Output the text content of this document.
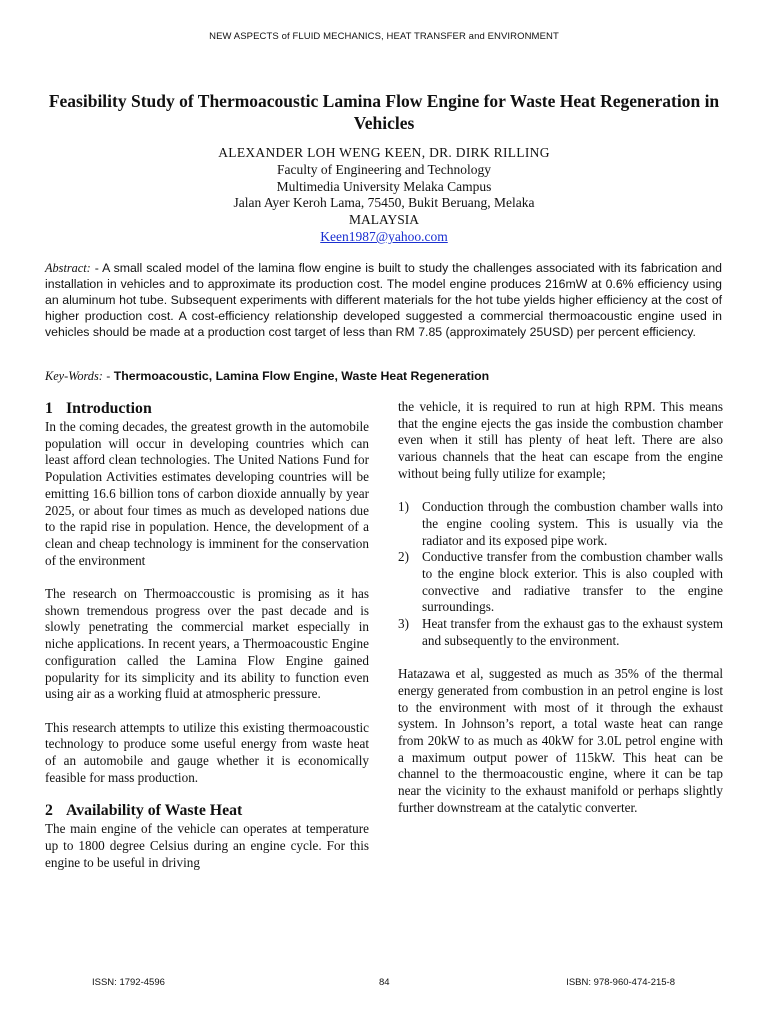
NEW ASPECTS of FLUID MECHANICS, HEAT TRANSFER and ENVIRONMENT
Feasibility Study of Thermoacoustic Lamina Flow Engine for Waste Heat Regeneration in Vehicles
ALEXANDER LOH WENG KEEN, DR. DIRK RILLING
Faculty of Engineering and Technology
Multimedia University Melaka Campus
Jalan Ayer Keroh Lama, 75450, Bukit Beruang, Melaka
MALAYSIA
Keen1987@yahoo.com

Abstract: - A small scaled model of the lamina flow engine is built to study the challenges associated with its fabrication and installation in vehicles and to approximate its production cost. The model engine produces 216mW at 0.6% efficiency using an aluminum hot tube. Subsequent experiments with different materials for the hot tube yields higher efficiency at the cost of higher production cost. A cost-efficiency relationship developed suggested a commercial thermoacoustic engine used in vehicles should be made at a production cost target of less than RM 7.85 (approximately 25USD) per percent efficiency.

Key-Words: - Thermoacoustic, Lamina Flow Engine, Waste Heat Regeneration
1 Introduction

In the coming decades, the greatest growth in the automobile population will occur in developing countries which can least afford clean technologies. The United Nations Fund for Population Activities estimates developing countries will be emitting 16.6 billion tons of carbon dioxide annually by year 2025, or about four times as much as developed nations due to the rapid rise in population. Hence, the development of a clean and cheap technology is imminent for the conservation of the environment

The research on Thermoaccoustic is promising as it has shown tremendous progress over the past decade and is slowly penetrating the commercial market especially in niche applications. In recent years, a Thermoacoustic Engine configuration called the Lamina Flow Engine gained popularity for its simplicity and its ability to function even using air as a working fluid at atmospheric pressure.

This research attempts to utilize this existing thermoacoustic technology to produce some useful energy from waste heat of an automobile and gauge whether it is economically feasible for mass production.

2 Availability of Waste Heat

The main engine of the vehicle can operates at temperature up to 1800 degree Celsius during an engine cycle. For this engine to be useful in driving

the vehicle, it is required to run at high RPM. This means that the engine ejects the gas inside the combustion chamber even when it still has plenty of heat left. There are also various channels that the heat can escape from the engine without being fully utilize for example;

1) Conduction through the combustion chamber walls into the engine cooling system. This is usually via the radiator and its exposed pipe work.
2) Conductive transfer from the combustion chamber walls to the engine block exterior. This is also coupled with convective and radiative transfer to the engine surroundings.
3) Heat transfer from the exhaust gas to the exhaust system and subsequently to the environment.

Hatazawa et al, suggested as much as 35% of the thermal energy generated from combustion in an petrol engine is lost to the environment with most of it through the exhaust system. In Johnson’s report, a total waste heat can range from 20kW to as much as 40kW for 3.0L petrol engine with a maximum output power of 115kW. This heat can be channel to the thermoacoustic engine, where it can be tap near the vicinity to the exhaust manifold or perhaps slightly further downstream at the catalytic converter.

ISSN: 1792-4596	84	ISBN: 978-960-474-215-8
